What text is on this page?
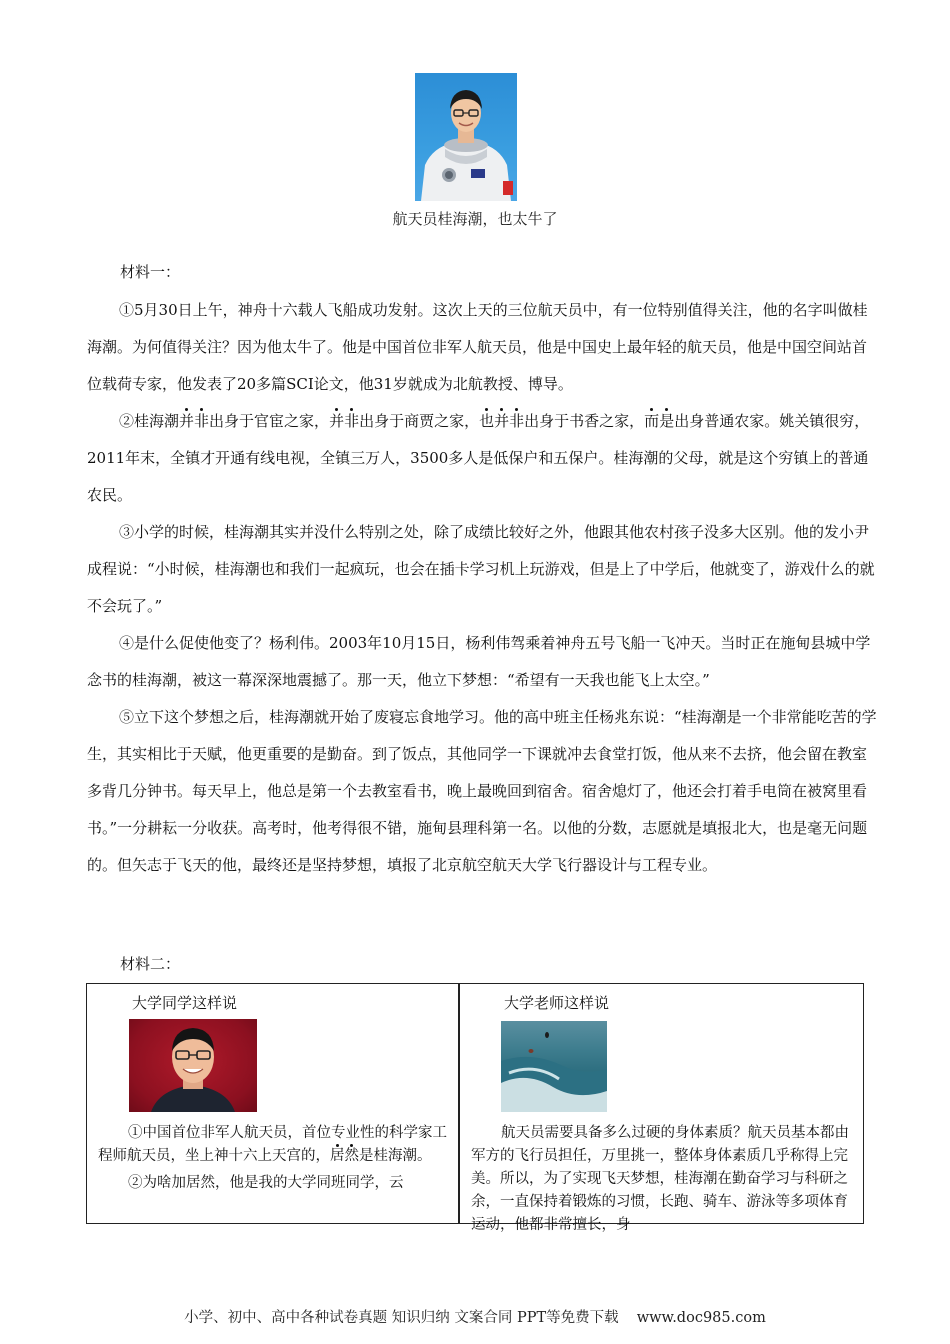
航天员桂海潮，也太牛了
材料一：

①5月30日上午，神舟十六载人飞船成功发射。这次上天的三位航天员中，有一位特别值得关注，他的名字叫做桂海潮。为何值得关注？因为他太牛了。他是中国首位非军人航天员，他是中国史上最年轻的航天员，他是中国空间站首位载荷专家，他发表了20多篇SCI论文，他31岁就成为北航教授、博导。

②桂海潮并非出身于官宦之家，并非出身于商贾之家，也并非出身于书香之家，而是出身普通农家。姚关镇很穷，2011年末，全镇才开通有线电视，全镇三万人，3500多人是低保户和五保户。桂海潮的父母，就是这个穷镇上的普通农民。

③小学的时候，桂海潮其实并没什么特别之处，除了成绩比较好之外，他跟其他农村孩子没多大区别。他的发小尹成程说：“小时候，桂海潮也和我们一起疯玩，也会在插卡学习机上玩游戏，但是上了中学后，他就变了，游戏什么的就不会玩了。”

④是什么促使他变了？杨利伟。2003年10月15日，杨利伟驾乘着神舟五号飞船一飞冲天。当时正在施甸县城中学念书的桂海潮，被这一幕深深地震撼了。那一天，他立下梦想：“希望有一天我也能飞上太空。”

⑤立下这个梦想之后，桂海潮就开始了废寝忘食地学习。他的高中班主任杨兆东说：“桂海潮是一个非常能吃苦的学生，其实相比于天赋，他更重要的是勤奋。到了饭点，其他同学一下课就冲去食堂打饭，他从来不去挤，他会留在教室多背几分钟书。每天早上，他总是第一个去教室看书，晚上最晚回到宿舍。宿舍熄灯了，他还会打着手电筒在被窝里看书。”一分耕耘一分收获。高考时，他考得很不错，施甸县理科第一名。以他的分数，志愿就是填报北大，也是毫无问题的。但矢志于飞天的他，最终还是坚持梦想，填报了北京航空航天大学飞行器设计与工程专业。

材料二：
大学同学这样说

①中国首位非军人航天员，首位专业性的科学家工程师航天员，坐上神十六上天宫的，居然是桂海潮。

②为啥加居然，他是我的大学同班同学，云

大学老师这样说

航天员需要具备多么过硬的身体素质？航天员基本都由军方的飞行员担任，万里挑一，整体身体素质几乎称得上完美。所以，为了实现飞天梦想，桂海潮在勤奋学习与科研之余，一直保持着锻炼的习惯，长跑、骑车、游泳等多项体育运动，他都非常擅长，身

小学、初中、高中各种试卷真题 知识归纳 文案合同 PPT等免费下载 www.doc985.com
